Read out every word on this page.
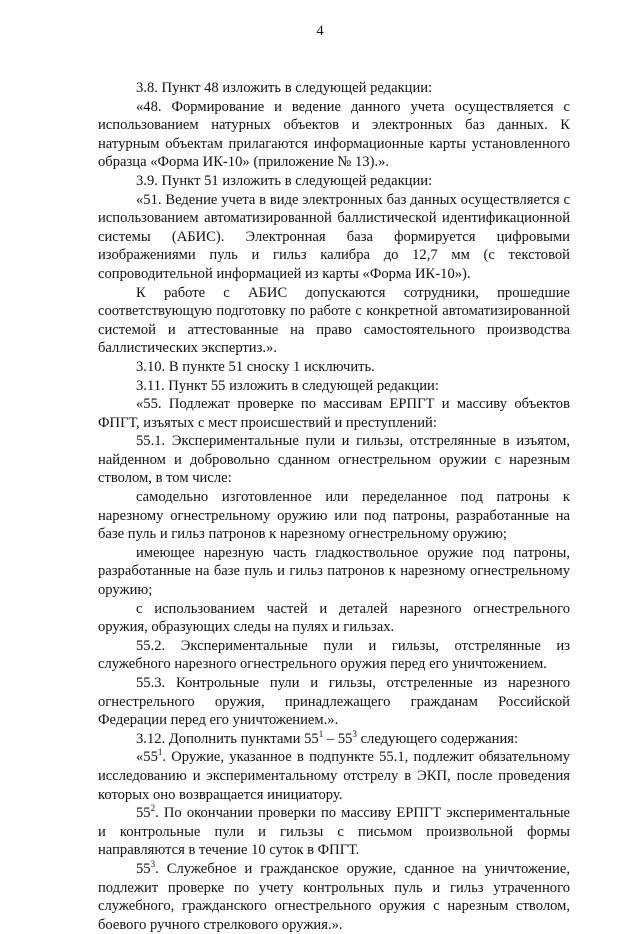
4

3.8. Пункт 48 изложить в следующей редакции:

«48. Формирование и ведение данного учета осуществляется с использованием натурных объектов и электронных баз данных. К натурным объектам прилагаются информационные карты установленного образца «Форма ИК-10» (приложение № 13).».

3.9. Пункт 51 изложить в следующей редакции:

«51. Ведение учета в виде электронных баз данных осуществляется с использованием автоматизированной баллистической идентификационной системы (АБИС). Электронная база формируется цифровыми изображениями пуль и гильз калибра до 12,7 мм (с текстовой сопроводительной информацией из карты «Форма ИК-10»).

К работе с АБИС допускаются сотрудники, прошедшие соответствующую подготовку по работе с конкретной автоматизированной системой и аттестованные на право самостоятельного производства баллистических экспертиз.».

3.10. В пункте 51 сноску 1 исключить.

3.11. Пункт 55 изложить в следующей редакции:

«55. Подлежат проверке по массивам ЕРПГТ и массиву объектов ФПГТ, изъятых с мест происшествий и преступлений:

55.1. Экспериментальные пули и гильзы, отстрелянные в изъятом, найденном и добровольно сданном огнестрельном оружии с нарезным стволом, в том числе:

самодельно изготовленное или переделанное под патроны к нарезному огнестрельному оружию или под патроны, разработанные на базе пуль и гильз патронов к нарезному огнестрельному оружию;

имеющее нарезную часть гладкоствольное оружие под патроны, разработанные на базе пуль и гильз патронов к нарезному огнестрельному оружию;

с использованием частей и деталей нарезного огнестрельного оружия, образующих следы на пулях и гильзах.

55.2. Экспериментальные пули и гильзы, отстрелянные из служебного нарезного огнестрельного оружия перед его уничтожением.

55.3. Контрольные пули и гильзы, отстреленные из нарезного огнестрельного оружия, принадлежащего гражданам Российской Федерации перед его уничтожением.».

3.12. Дополнить пунктами $55^1 - 55^3$ следующего содержания:

«$55^1$. Оружие, указанное в подпункте 55.1, подлежит обязательному исследованию и экспериментальному отстрелу в ЭКП, после проведения которых оно возвращается инициатору.

$55^2$. По окончании проверки по массиву ЕРПГТ экспериментальные и контрольные пули и гильзы с письмом произвольной формы направляются в течение 10 суток в ФПГТ.

$55^3$. Служебное и гражданское оружие, сданное на уничтожение, подлежит проверке по учету контрольных пуль и гильз утраченного служебного, гражданского огнестрельного оружия с нарезным стволом, боевого ручного стрелкового оружия.».
